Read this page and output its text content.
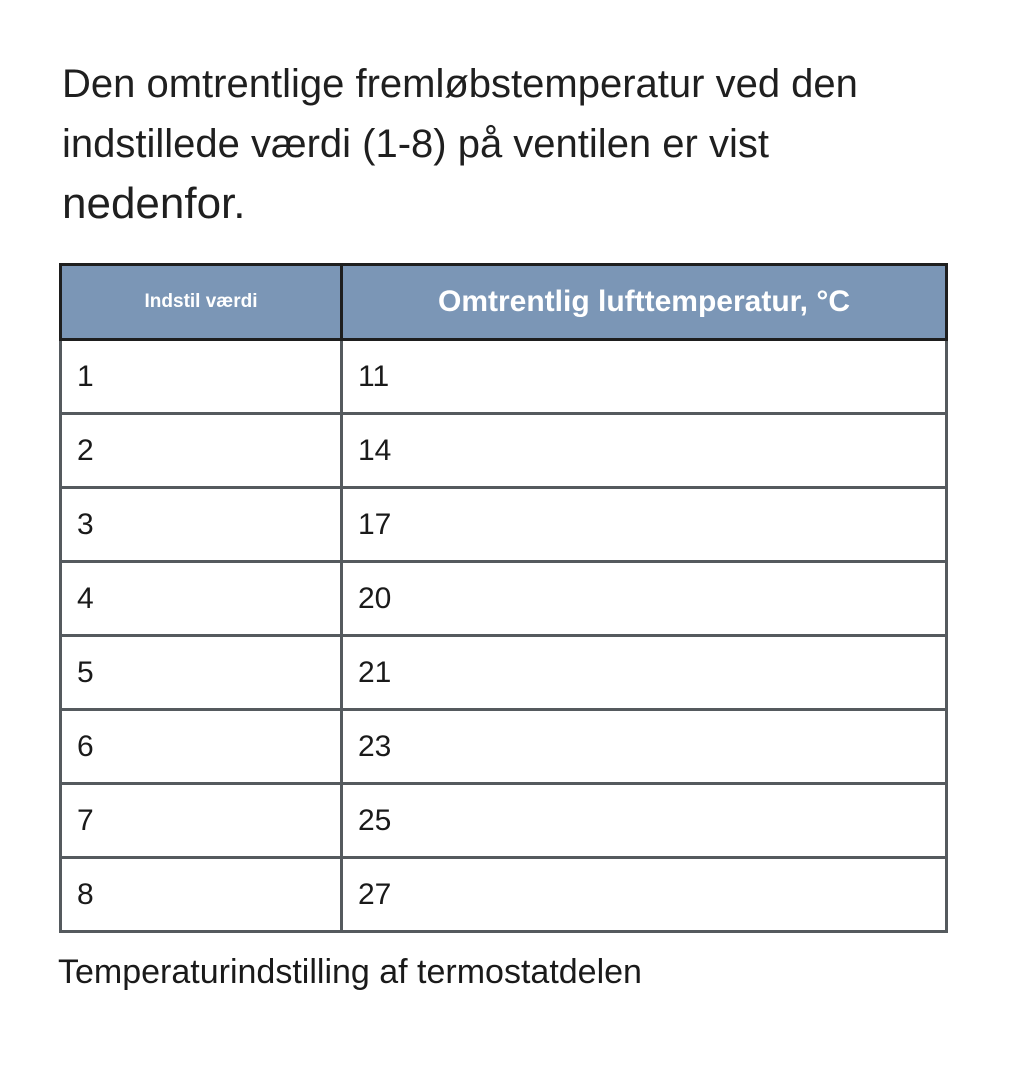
Den omtrentlige fremløbstemperatur ved den
indstillede værdi (1-8) på ventilen er vist
nedenfor.

Indstil værdi	Omtrentlig lufttemperatur, °C
1	11
2	14
3	17
4	20
5	21
6	23
7	25
8	27

Temperaturindstilling af termostatdelen
